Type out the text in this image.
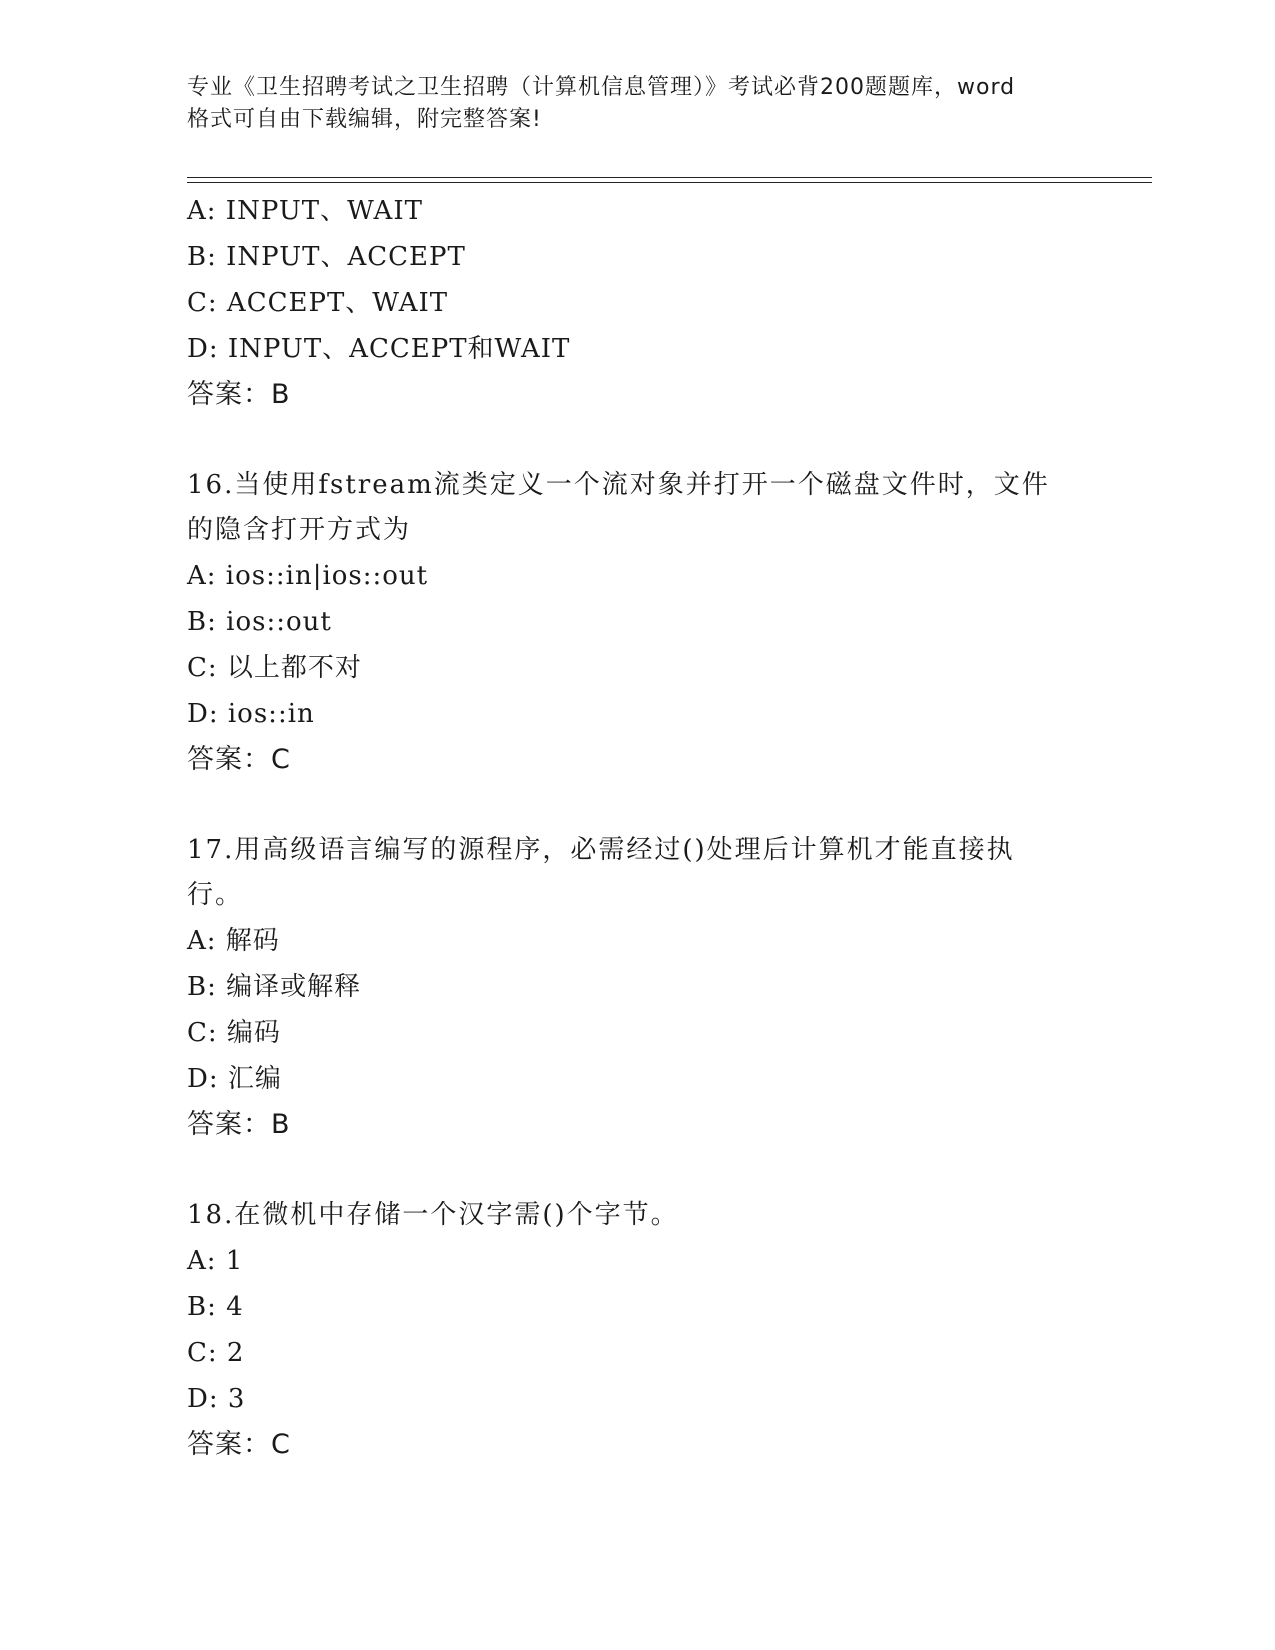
专业《卫生招聘考试之卫生招聘（计算机信息管理）》考试必背200题题库，word
格式可自由下载编辑，附完整答案!
A: INPUT、WAIT
B: INPUT、ACCEPT
C: ACCEPT、WAIT
D: INPUT、ACCEPT和WAIT
答案：B
16.当使用fstream流类定义一个流对象并打开一个磁盘文件时，文件的隐含打开方式为
A: ios::in|ios::out
B: ios::out
C: 以上都不对
D: ios::in
答案：C
17.用高级语言编写的源程序，必需经过()处理后计算机才能直接执行。
A: 解码
B: 编译或解释
C: 编码
D: 汇编
答案：B
18.在微机中存储一个汉字需()个字节。
A: 1
B: 4
C: 2
D: 3
答案：C
